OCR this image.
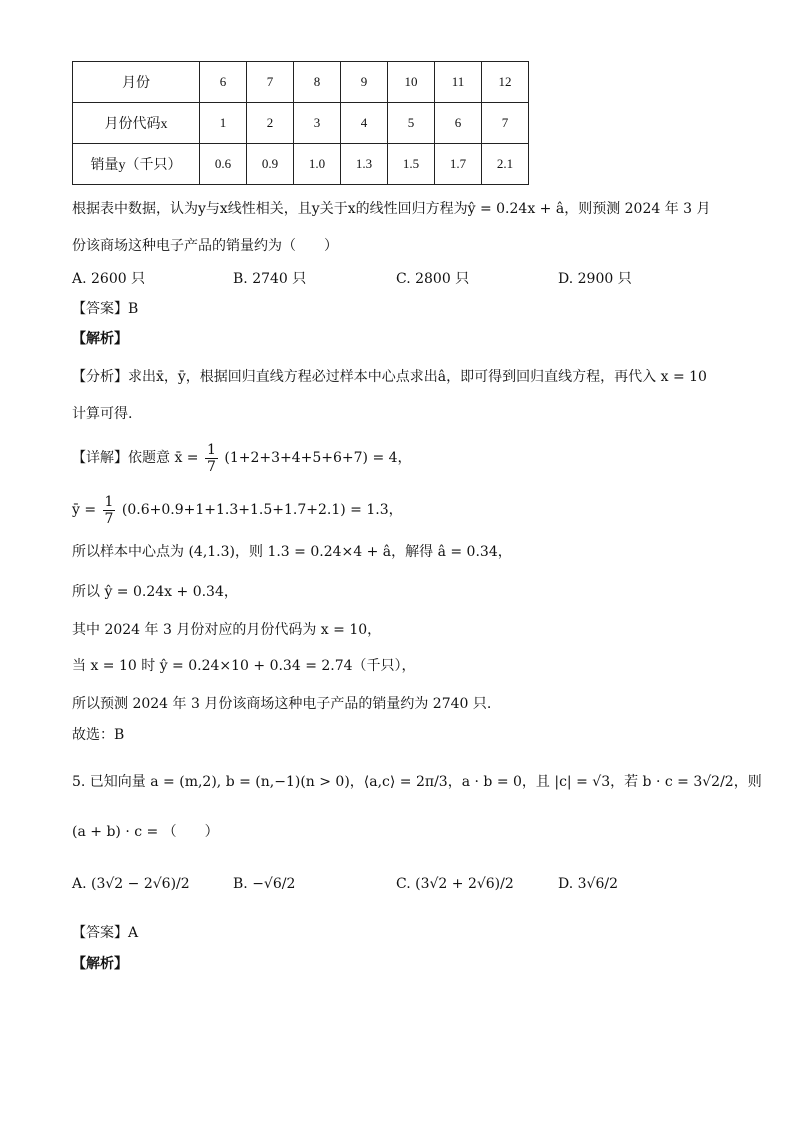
月份	6	7	8	9	10	11	12
月份代码x	1	2	3	4	5	6	7
销量y（千只）	0.6	0.9	1.0	1.3	1.5	1.7	2.1
根据表中数据，认为y与x线性相关，且y关于x的线性回归方程为ŷ = 0.24x + â，则预测 2024 年 3 月
份该商场这种电子产品的销量约为（　　）
A. 2600 只	B. 2740 只	C. 2800 只	D. 2900 只
【答案】B
【解析】
【分析】求出x̄，ȳ，根据回归直线方程必过样本中心点求出â，即可得到回归直线方程，再代入 x = 10
计算可得.
【详解】依题意 x̄ = $\frac{1}{7} (1+2+3+4+5+6+7) = 4$，
ȳ = $\frac{1}{7} (0.6+0.9+1+1.3+1.5+1.7+2.1) = 1.3$，
所以样本中心点为 (4,1.3)，则 1.3 = 0.24×4 + â，解得 â = 0.34，
所以 ŷ = 0.24x + 0.34，
其中 2024 年 3 月份对应的月份代码为 x = 10，
当 x = 10 时 ŷ = 0.24×10 + 0.34 = 2.74（千只），
所以预测 2024 年 3 月份该商场这种电子产品的销量约为 2740 只.
故选：B
5. 已知向量 a = (m,2), b = (n,−1)(n > 0)，⟨a,c⟩ = 2π/3，a · b = 0，且 |c| = √3，若 b · c = 3√2/2，则
(a + b) · c = （　　）
A. (3√2 − 2√6)/2	B. −√6/2	C. (3√2 + 2√6)/2	D. 3√6/2
【答案】A
【解析】
